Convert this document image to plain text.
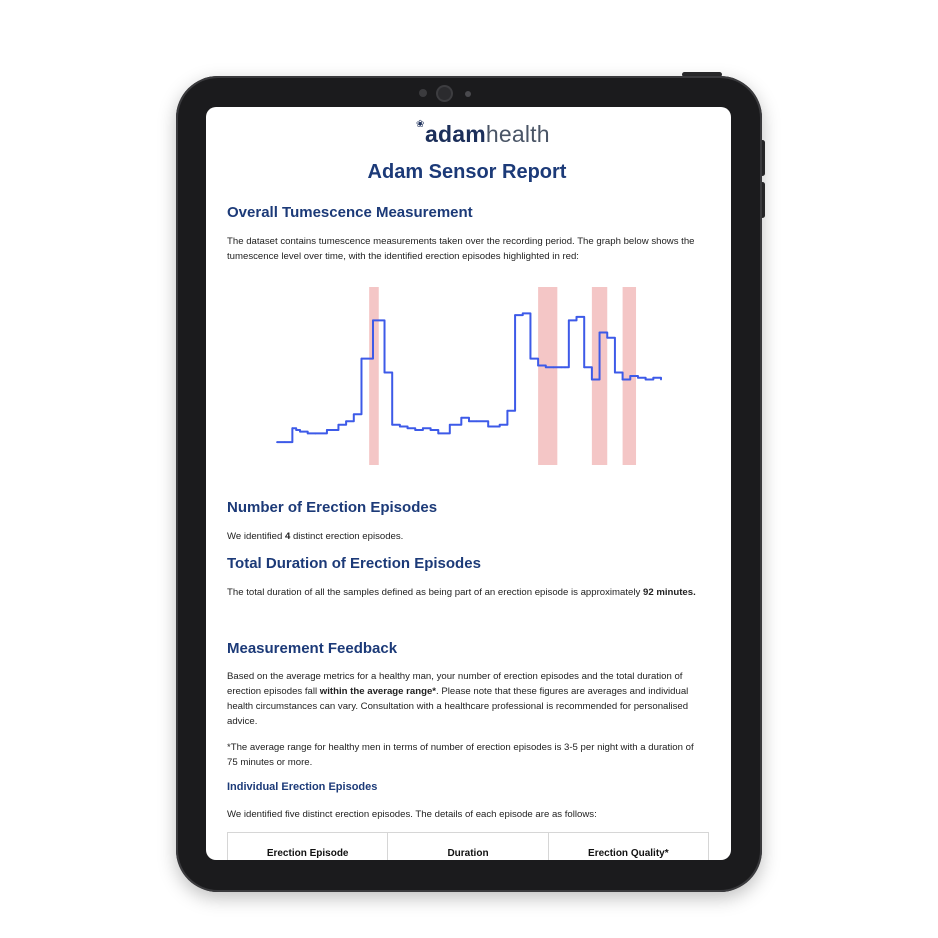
❀ adamhealth
Adam Sensor Report
Overall Tumescence Measurement

The dataset contains tumescence measurements taken over the recording period. The graph below shows the tumescence level over time, with the identified erection episodes highlighted in red:

Number of Erection Episodes

We identified 4 distinct erection episodes.

Total Duration of Erection Episodes

The total duration of all the samples defined as being part of an erection episode is approximately 92 minutes.

Measurement Feedback

Based on the average metrics for a healthy man, your number of erection episodes and the total duration of erection episodes fall within the average range*. Please note that these figures are averages and individual health circumstances can vary. Consultation with a healthcare professional is recommended for personalised advice.

*The average range for healthy men in terms of number of erection episodes is 3-5 per night with a duration of 75 minutes or more.

Individual Erection Episodes

We identified five distinct erection episodes. The details of each episode are as follows:

Erection Episode	Duration	Erection Quality*
